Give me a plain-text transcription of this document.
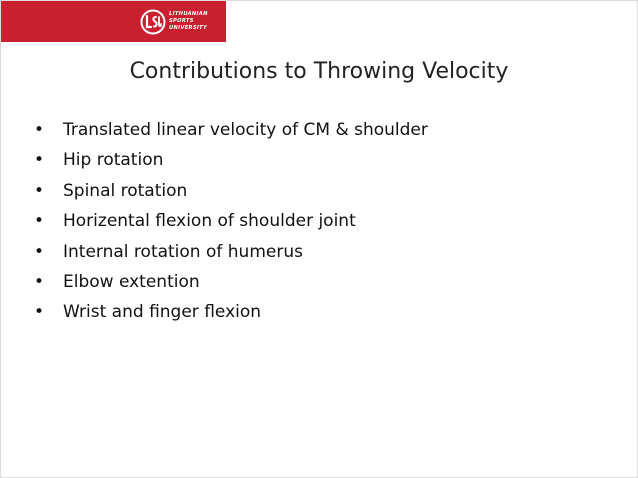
LITHUANIAN
SPORTS
UNIVERSITY
Contributions to Throwing Velocity
• Translated linear velocity of CM & shoulder
• Hip rotation
• Spinal rotation
• Horizental flexion of shoulder joint
• Internal rotation of humerus
• Elbow extention
• Wrist and finger flexion
